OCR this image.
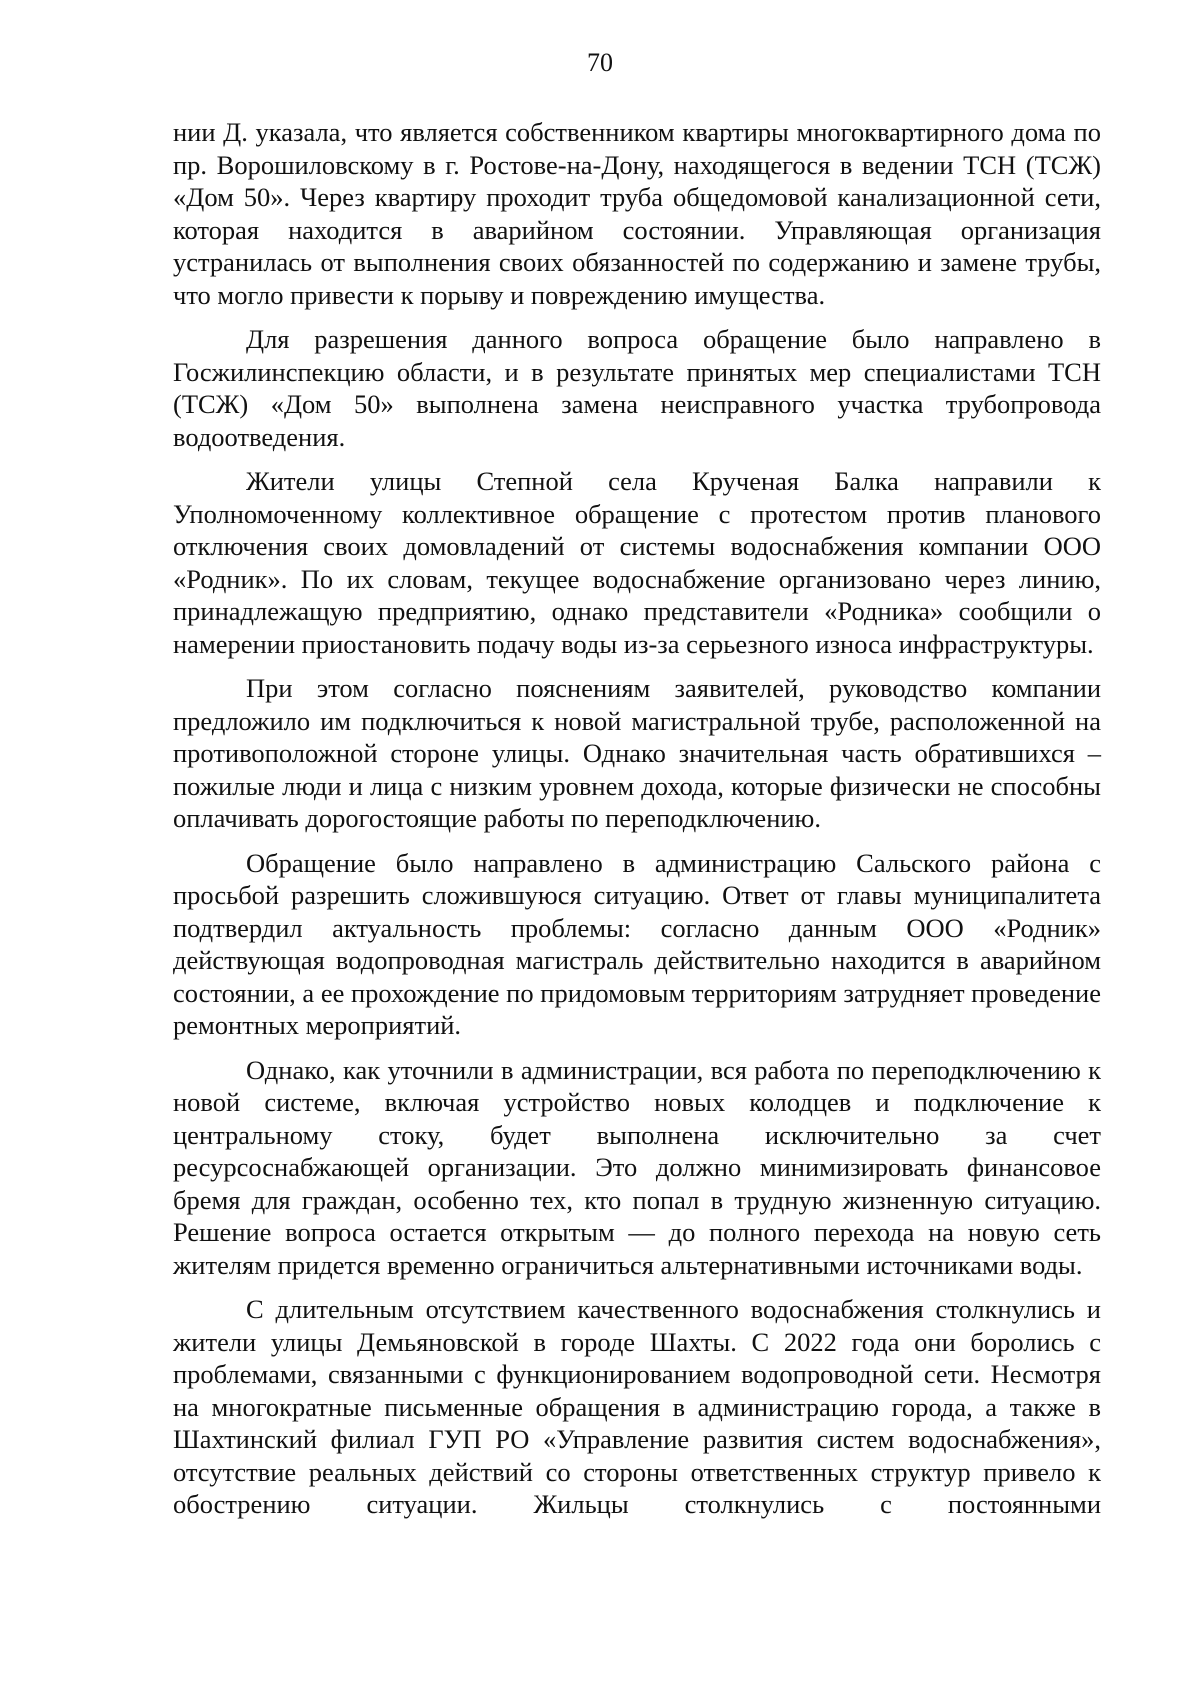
70

нии Д. указала, что является собственником квартиры многоквартирного дома по пр. Ворошиловскому в г. Ростове-на-Дону, находящегося в ведении ТСН (ТСЖ) «Дом 50». Через квартиру проходит труба общедомовой канализационной сети, которая находится в аварийном состоянии. Управляющая организация устранилась от выполнения своих обязанностей по содержанию и замене трубы, что могло привести к порыву и повреждению имущества.

Для разрешения данного вопроса обращение было направлено в Госжилинспекцию области, и в результате принятых мер специалистами ТСН (ТСЖ) «Дом 50» выполнена замена неисправного участка трубопровода водоотведения.

Жители улицы Степной села Крученая Балка направили к Уполномоченному коллективное обращение с протестом против планового отключения своих домовладений от системы водоснабжения компании ООО «Родник». По их словам, текущее водоснабжение организовано через линию, принадлежащую предприятию, однако представители «Родника» сообщили о намерении приостановить подачу воды из-за серьезного износа инфраструктуры.

При этом согласно пояснениям заявителей, руководство компании предложило им подключиться к новой магистральной трубе, расположенной на противоположной стороне улицы. Однако значительная часть обратившихся – пожилые люди и лица с низким уровнем дохода, которые физически не способны оплачивать дорогостоящие работы по переподключению.

Обращение было направлено в администрацию Сальского района с просьбой разрешить сложившуюся ситуацию. Ответ от главы муниципалитета подтвердил актуальность проблемы: согласно данным ООО «Родник» действующая водопроводная магистраль действительно находится в аварийном состоянии, а ее прохождение по придомовым территориям затрудняет проведение ремонтных мероприятий.

Однако, как уточнили в администрации, вся работа по переподключению к новой системе, включая устройство новых колодцев и подключение к центральному стоку, будет выполнена исключительно за счет ресурсоснабжающей организации. Это должно минимизировать финансовое бремя для граждан, особенно тех, кто попал в трудную жизненную ситуацию. Решение вопроса остается открытым — до полного перехода на новую сеть жителям придется временно ограничиться альтернативными источниками воды.

С длительным отсутствием качественного водоснабжения столкнулись и жители улицы Демьяновской в городе Шахты. С 2022 года они боролись с проблемами, связанными с функционированием водопроводной сети. Несмотря на многократные письменные обращения в администрацию города, а также в Шахтинский филиал ГУП РО «Управление развития систем водоснабжения», отсутствие реальных действий со стороны ответственных структур привело к обострению ситуации. Жильцы столкнулись с постоянными
